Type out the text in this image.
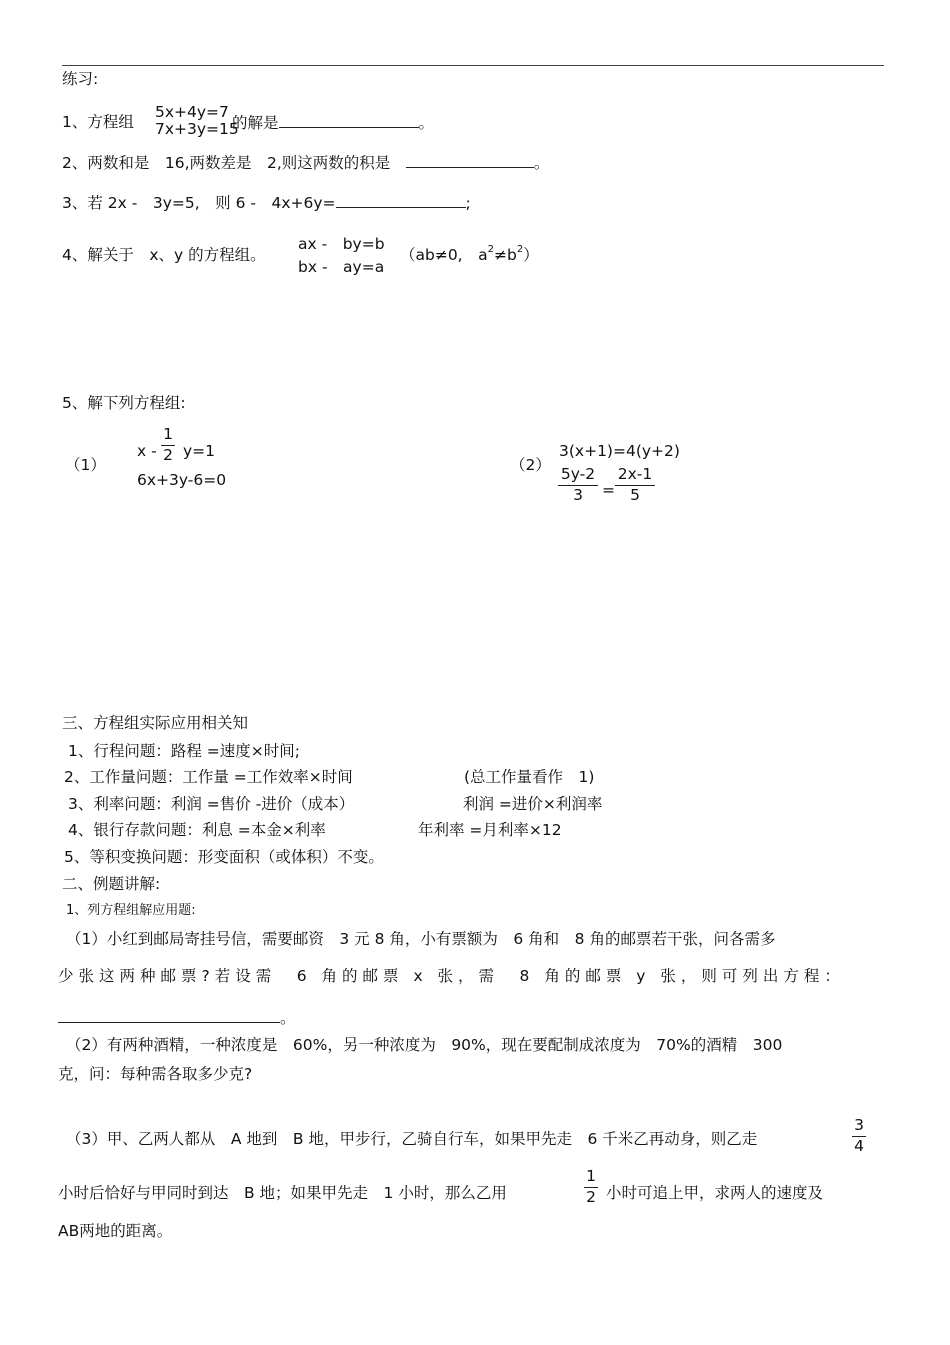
练习:
1、方程组
5x+4y=7
7x+3y=15
的解是	。
2、两数和是　16,两数差是　2,则这两数的积是　	。
3、若 2x -　3y=5,　则 6 -　4x+6y=	;
4、解关于　x、y 的方程组。
ax -　by=b
bx -　ay=a
（ab≠0,　$a^2\ne b^2$）
5、解下列方程组:
（1）
x -
1
2 y=1
6x+3y-6=0
（2）
3(x+1)=4(y+2)
5y-2
3	=
2x-1
5
三、方程组实际应用相关知
1、行程问题：路程 =速度×时间;
2、工作量问题：工作量 =工作效率×时间	(总工作量看作　1)
3、利率问题：利润 =售价 -进价（成本）	利润 =进价×利润率
4、银行存款问题：利息 =本金×利率	年利率 =月利率×12
5、等积变换问题：形变面积（或体积）不变。
二、例题讲解:
1、列方程组解应用题:
（1）小红到邮局寄挂号信，需要邮资　3 元 8 角，小有票额为　6 角和　8 角的邮票若干张，问各需多
少张这两种邮票?若设需　6 角的邮票 x 张，需　8 角的邮票 y 张，则可列出方程：
。
（2）有两种酒精，一种浓度是　60%，另一种浓度为　90%，现在要配制成浓度为　70%的酒精　300
克，问：每种需各取多少克?
（3）甲、乙两人都从　A 地到　B 地，甲步行，乙骑自行车，如果甲先走　6 千米乙再动身，则乙走
3
4
小时后恰好与甲同时到达　B 地；如果甲先走　1 小时，那么乙用
1
2 小时可追上甲，求两人的速度及
AB两地的距离。
